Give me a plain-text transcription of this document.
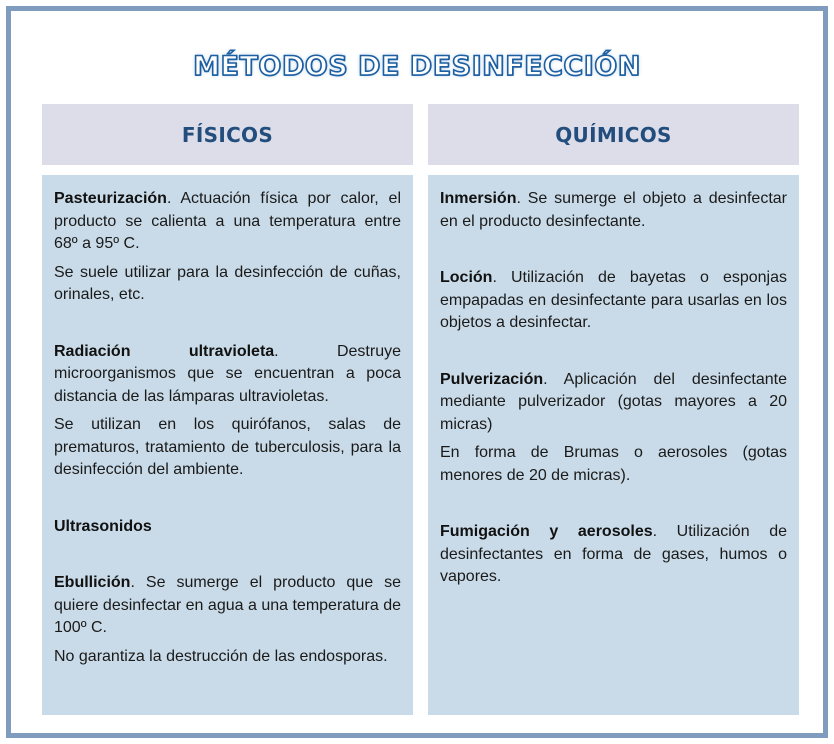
MÉTODOS DE DESINFECCIÓN
FÍSICOS	QUÍMICOS

Pasteurización. Actuación física por calor, el producto se calienta a una temperatura entre 68º a 95º C.

Se suele utilizar para la desinfección de cuñas, orinales, etc.

Radiación ultravioleta. Destruye microorganismos que se encuentran a poca distancia de las lámparas ultravioletas.

Se utilizan en los quirófanos, salas de prematuros, tratamiento de tuberculosis, para la desinfección del ambiente.

Ultrasonidos

Ebullición. Se sumerge el producto que se quiere desinfectar en agua a una temperatura de 100º C.

No garantiza la destrucción de las endosporas.

Inmersión. Se sumerge el objeto a desinfectar en el producto desinfectante.

Loción. Utilización de bayetas o esponjas empapadas en desinfectante para usarlas en los objetos a desinfectar.

Pulverización. Aplicación del desinfectante mediante pulverizador (gotas mayores a 20 micras)

En forma de Brumas o aerosoles (gotas menores de 20 de micras).

Fumigación y aerosoles. Utilización de desinfectantes en forma de gases, humos o vapores.
